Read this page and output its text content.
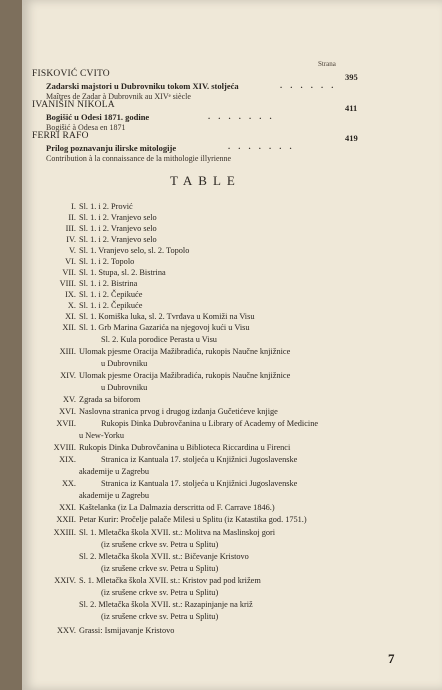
Strana
FISKOVIĆ CVITO
Zadarski majstori u Dubrovniku tokom XIV. stoljeća	. . . . . .
395
Maîtres de Zadar à Dubrovnik au XIVᵉ siècle
IVANIŠIN NIKOLA
Bogišić u Odesi 1871. godine	. . . . . . .
411
Bogišić à Odesa en 1871
FERRI RAFO
Prilog poznavanju ilirske mitologije	. . . . . . .
419
Contribution à la connaissance de la mithologie illyrienne
TABLE
I. Sl. 1. i 2. Prović
II. Sl. 1. i 2. Vranjevo selo
III. Sl. 1. i 2. Vranjevo selo
IV. Sl. 1. i 2. Vranjevo selo
V. Sl. 1. Vranjevo selo, sl. 2. Topolo
VI. Sl. 1. i 2. Topolo
VII. Sl. 1. Stupa, sl. 2. Bistrina
VIII. Sl. 1. i 2. Bistrina
IX. Sl. 1. i 2. Čepikuće
X. Sl. 1. i 2. Čepikuće
XI. Sl. 1. Komiška luka, sl. 2. Tvrđava u Komiži na Visu
XII. Sl. 1. Grb Marina Gazarića na njegovoj kući u Visu
Sl. 2. Kula porodice Perasta u Visu
XIII. Ulomak pjesme Oracija Mažibradića, rukopis Naučne knjižnice
u Dubrovniku
XIV. Ulomak pjesme Oracija Mažibradića, rukopis Naučne knjižnice
u Dubrovniku
XV. Zgrada sa biforom
XVI. Naslovna stranica prvog i drugog izdanja Gučetićeve knjige
XVII.	Rukopis Dinka Dubrovčanina u Library of Academy of Medicine
u New-Yorku
XVIII. Rukopis Dinka Dubrovčanina u Biblioteca Riccardina u Firenci
XIX.	Stranica iz Kantuala 17. stoljeća u Knjižnici Jugoslavenske
akademije u Zagrebu
XX.	Stranica iz Kantuala 17. stoljeća u Knjižnici Jugoslavenske
akademije u Zagrebu
XXI. Kaštelanka (iz La Dalmazia derscritta od F. Carrave 1846.)
XXII. Petar Kurir: Pročelje palače Milesi u Splitu (iz Katastika god. 1751.)
XXIII. Sl. 1. Mletačka škola XVII. st.: Molitva na Maslinskoj gori
(iz srušene crkve sv. Petra u Splitu)
Sl. 2. Mletačka škola XVII. st.: Bičevanje Kristovo
(iz srušene crkve sv. Petra u Splitu)
XXIV. S. 1. Mletačka škola XVII. st.: Kristov pad pod križem
(iz srušene crkve sv. Petra u Splitu)
Sl. 2. Mletačka škola XVII. st.: Razapinjanje na križ
(iz srušene crkve sv. Petra u Splitu)
XXV. Grassi: Ismijavanje Kristovo
7
